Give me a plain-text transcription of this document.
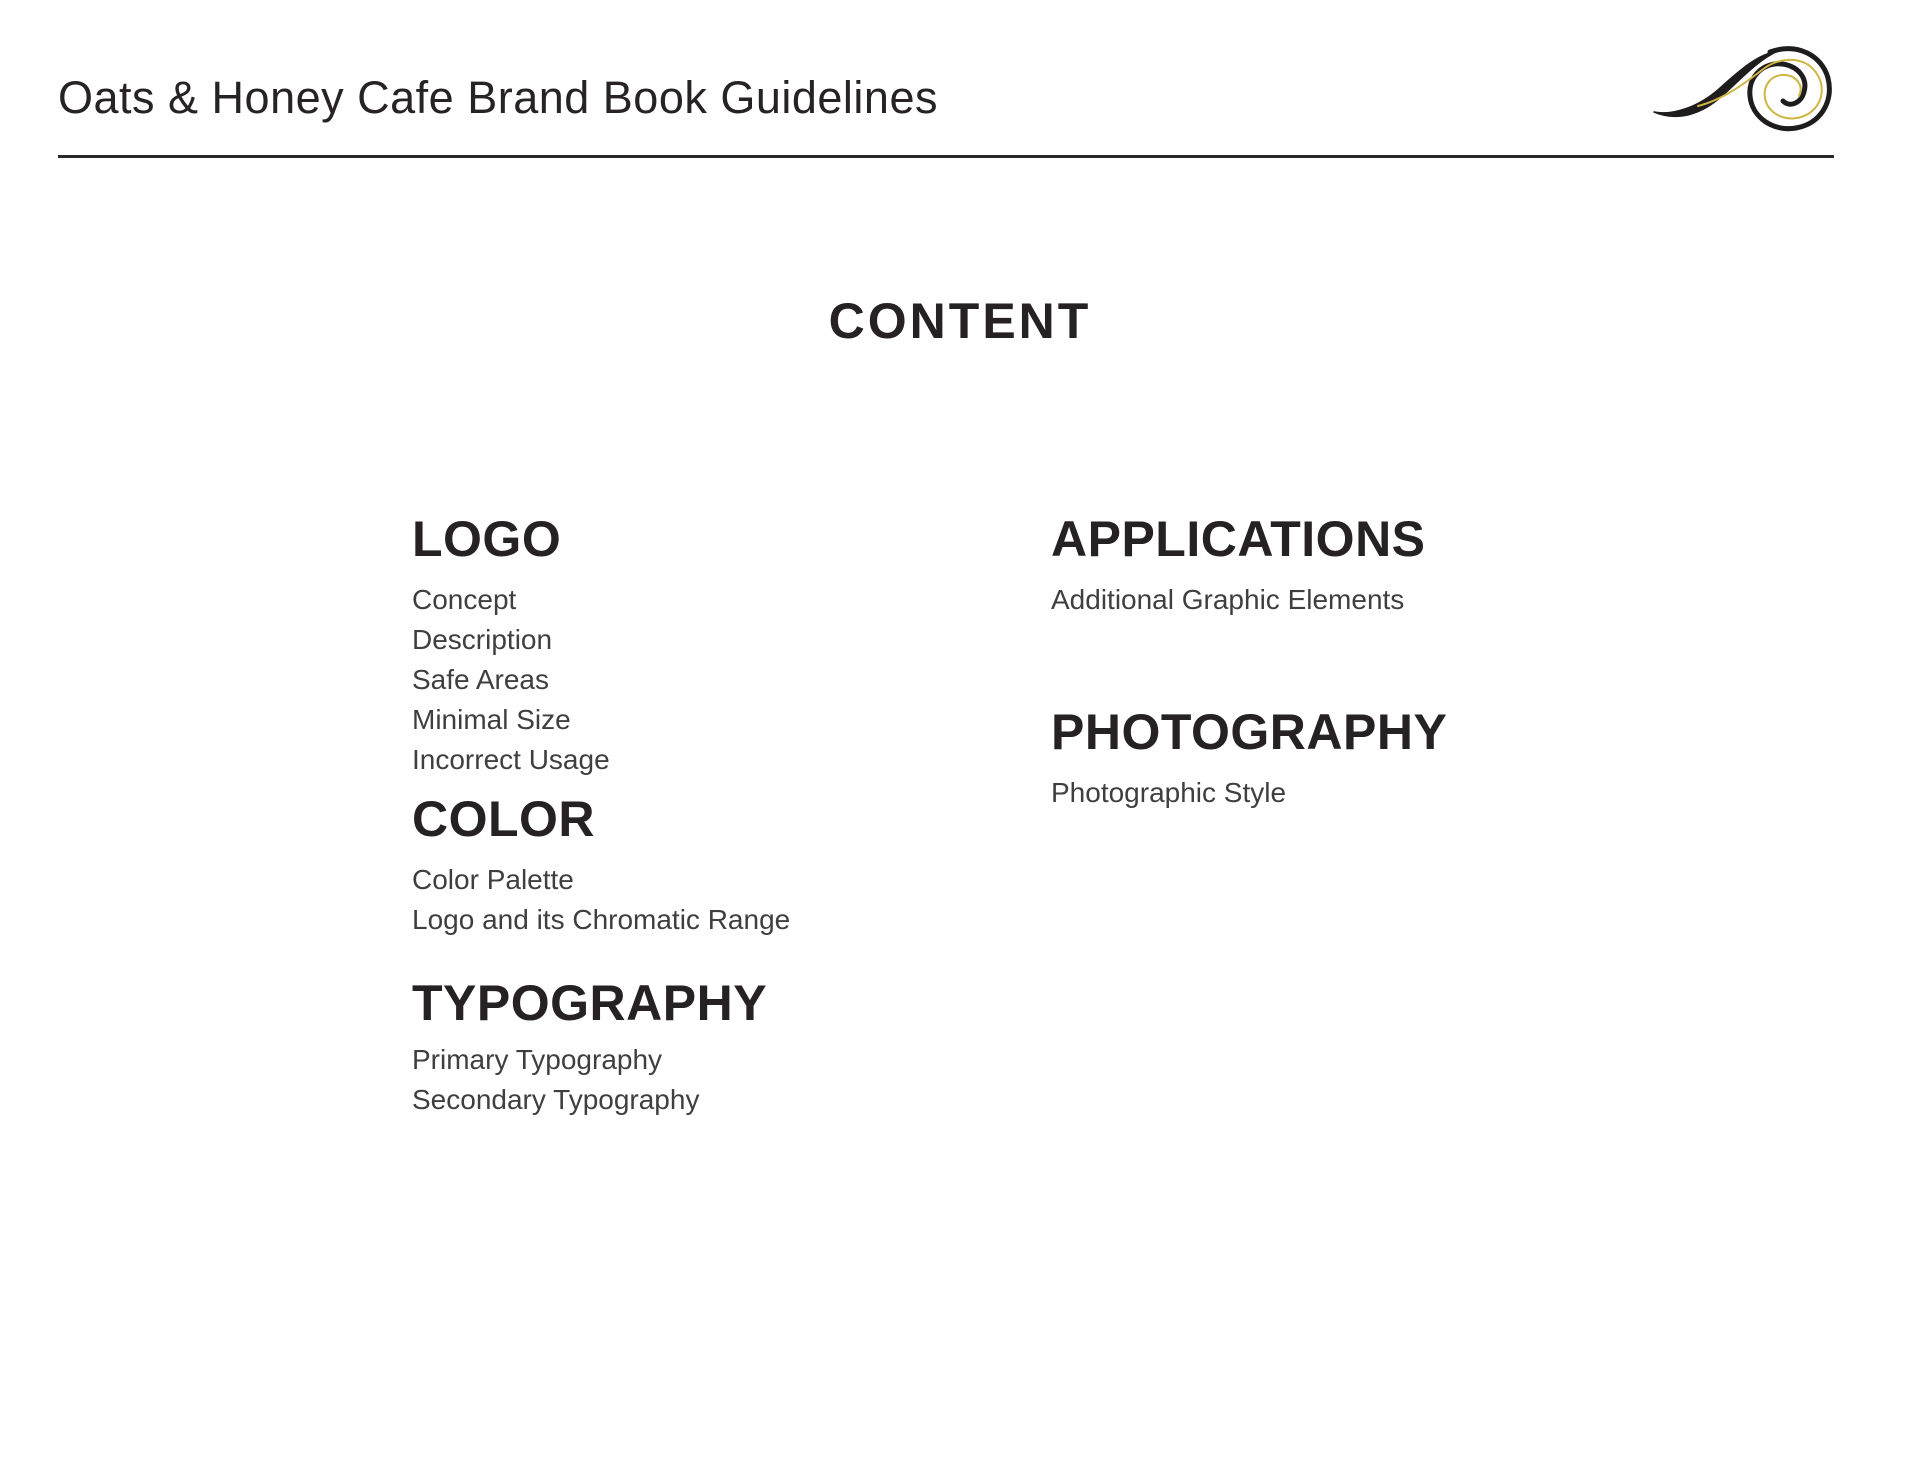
Oats & Honey Cafe Brand Book Guidelines
CONTENT
LOGO
Concept
Description
Safe Areas
Minimal Size
Incorrect Usage
COLOR
Color Palette
Logo and its Chromatic Range
TYPOGRAPHY
Primary Typography
Secondary Typography
APPLICATIONS
Additional Graphic Elements
PHOTOGRAPHY
Photographic Style
